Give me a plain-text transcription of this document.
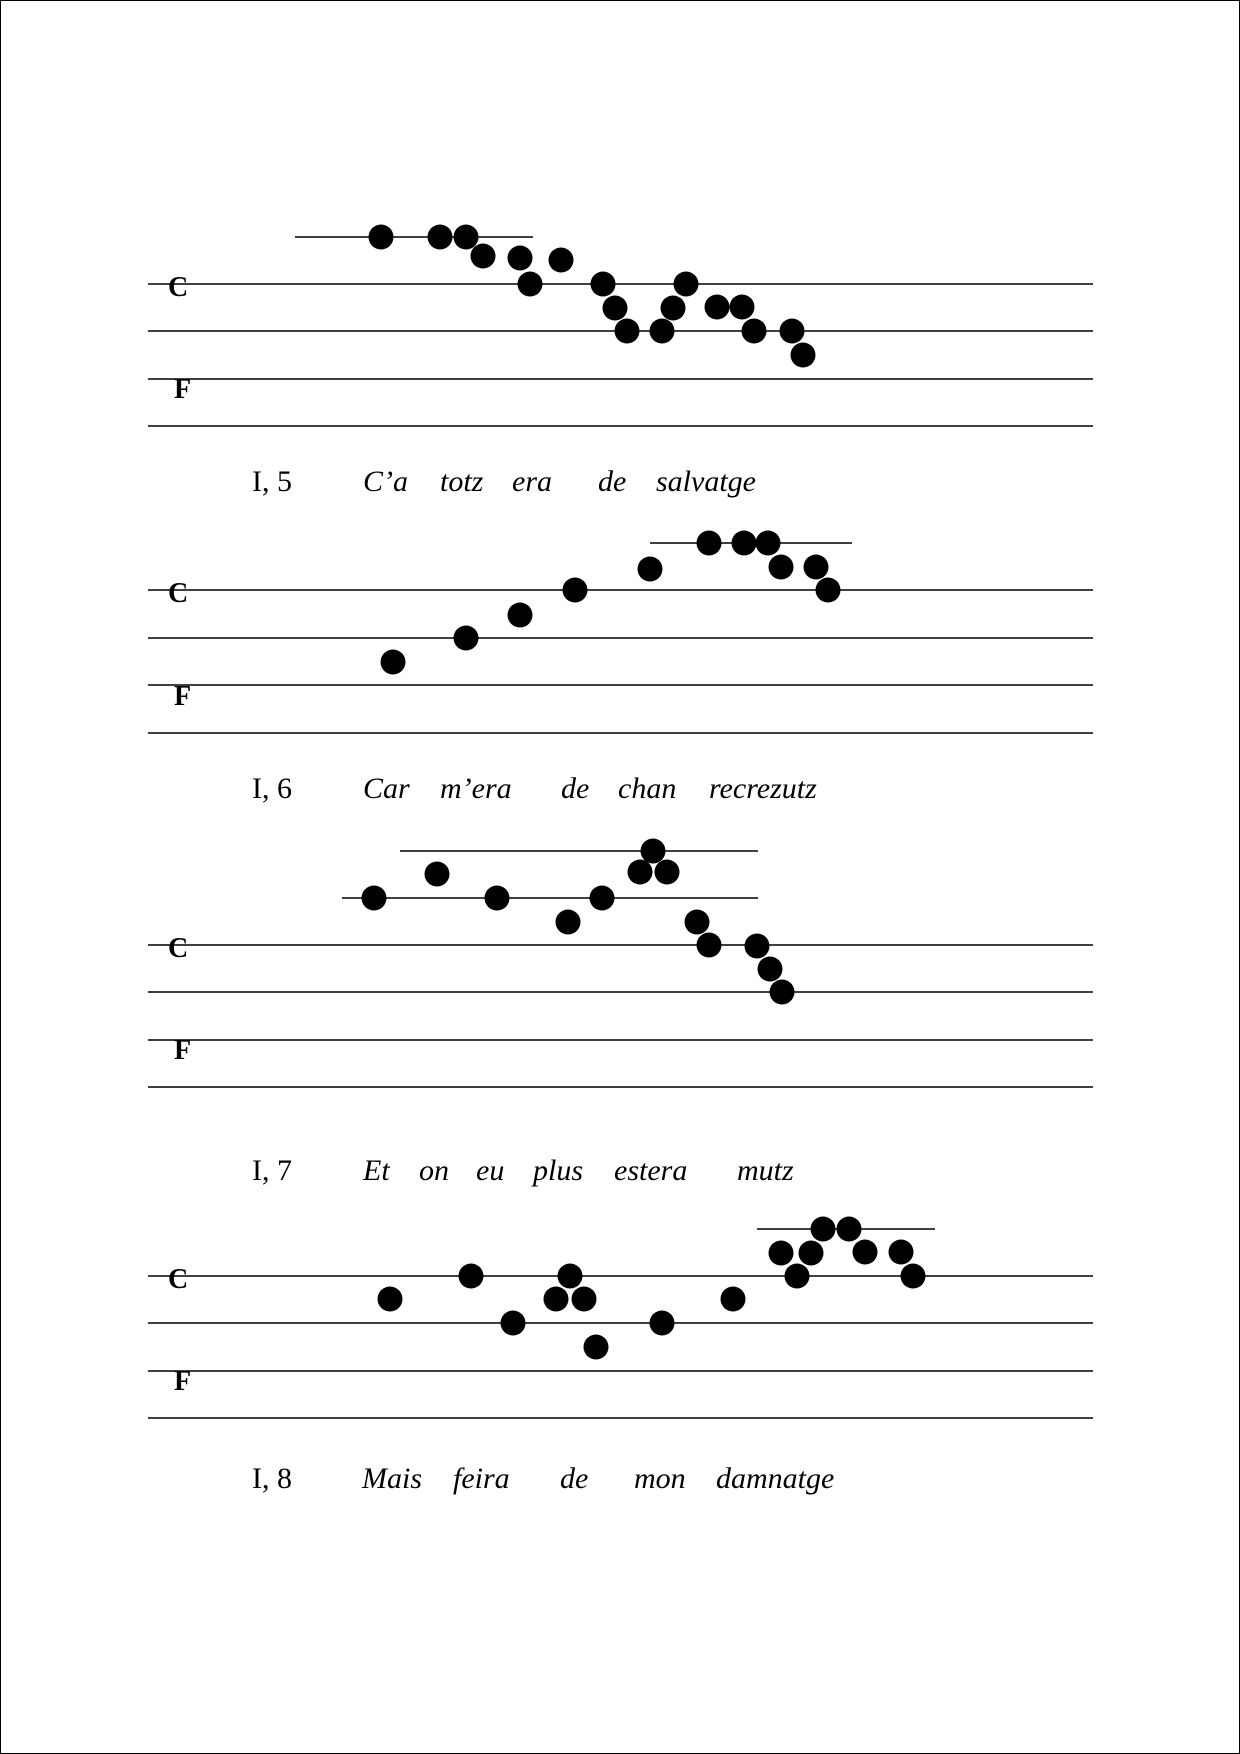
C
F
I, 5 C’a totz era de salvatge
C
F
I, 6 Car m’era de chan recrezutz
C
F
I, 7 Et on eu plus estera mutz
C
F
I, 8 Mais feira de mon damnatge
